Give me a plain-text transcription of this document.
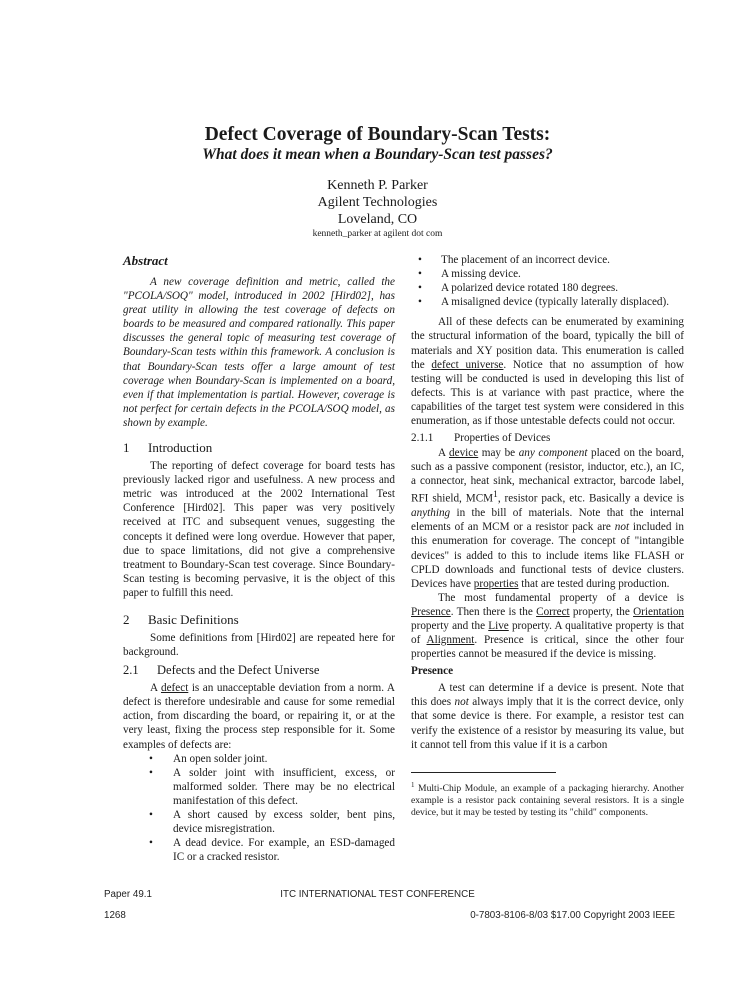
Defect Coverage of Boundary-Scan Tests:
What does it mean when a Boundary-Scan test passes?
Kenneth P. Parker
Agilent Technologies
Loveland, CO
kenneth_parker at agilent dot com
Abstract

A new coverage definition and metric, called the "PCOLA/SOQ" model, introduced in 2002 [Hird02], has great utility in allowing the test coverage of defects on boards to be measured and compared rationally. This paper discusses the general topic of measuring test coverage of Boundary-Scan tests within this framework. A conclusion is that Boundary-Scan tests offer a large amount of test coverage when Boundary-Scan is implemented on a board, even if that implementation is partial. However, coverage is not perfect for certain defects in the PCOLA/SOQ model, as shown by example.

1	Introduction

The reporting of defect coverage for board tests has previously lacked rigor and usefulness. A new process and metric was introduced at the 2002 International Test Conference [Hird02]. This paper was very positively received at ITC and subsequent venues, suggesting the concepts it defined were long overdue. However that paper, due to space limitations, did not give a comprehensive treatment to Boundary-Scan test coverage. Since Boundary-Scan testing is becoming pervasive, it is the object of this paper to fulfill this need.

2	Basic Definitions

Some definitions from [Hird02] are repeated here for background.

2.1	Defects and the Defect Universe

A defect is an unacceptable deviation from a norm. A defect is therefore undesirable and cause for some remedial action, from discarding the board, or repairing it, or at the very least, fixing the process step responsible for it. Some examples of defects are:

• An open solder joint.
• A solder joint with insufficient, excess, or malformed solder. There may be no electrical manifestation of this defect.
• A short caused by excess solder, bent pins, device misregistration.
• A dead device. For example, an ESD-damaged IC or a cracked resistor.
• The placement of an incorrect device.
• A missing device.
• A polarized device rotated 180 degrees.
• A misaligned device (typically laterally displaced).

All of these defects can be enumerated by examining the structural information of the board, typically the bill of materials and XY position data. This enumeration is called the defect universe. Notice that no assumption of how testing will be conducted is used in developing this list of defects. This is at variance with past practice, where the capabilities of the target test system were considered in this enumeration, as if those untestable defects could not occur.

2.1.1	Properties of Devices

A device may be any component placed on the board, such as a passive component (resistor, inductor, etc.), an IC, a connector, heat sink, mechanical extractor, barcode label, RFI shield, MCM$^1$, resistor pack, etc. Basically a device is anything in the bill of materials. Note that the internal elements of an MCM or a resistor pack are not included in this enumeration for coverage. The concept of "intangible devices" is added to this to include items like FLASH or CPLD downloads and functional tests of device clusters. Devices have properties that are tested during production.

The most fundamental property of a device is Presence. Then there is the Correct property, the Orientation property and the Live property. A qualitative property is that of Alignment. Presence is critical, since the other four properties cannot be measured if the device is missing.

Presence

A test can determine if a device is present. Note that this does not always imply that it is the correct device, only that some device is there. For example, a resistor test can verify the existence of a resistor by measuring its value, but it cannot tell from this value if it is a carbon

$^1$ Multi-Chip Module, an example of a packaging hierarchy. Another example is a resistor pack containing several resistors. It is a single device, but it may be tested by testing its "child" components.

Paper 49.1	ITC INTERNATIONAL TEST CONFERENCE
1268	0-7803-8106-8/03 $17.00 Copyright 2003 IEEE
